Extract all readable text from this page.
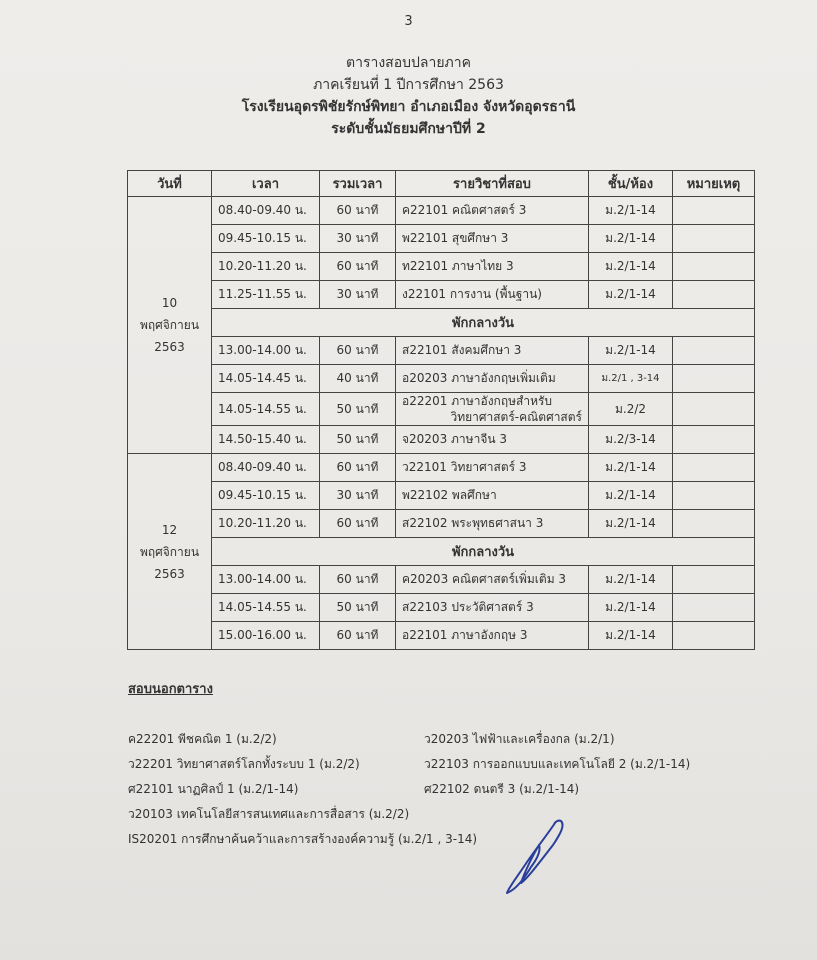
3
ตารางสอบปลายภาค
ภาคเรียนที่ 1 ปีการศึกษา 2563
โรงเรียนอุดรพิชัยรักษ์พิทยา อำเภอเมือง จังหวัดอุดรธานี
ระดับชั้นมัธยมศึกษาปีที่ 2
วันที่	เวลา	รวมเวลา	รายวิชาที่สอบ	ชั้น/ห้อง	หมายเหตุ
10
พฤศจิกายน
2563	08.40-09.40 น.	60 นาที	ค22101 คณิตศาสตร์ 3	ม.2/1-14	
	09.45-10.15 น.	30 นาที	พ22101 สุขศึกษา 3	ม.2/1-14	
	10.20-11.20 น.	60 นาที	ท22101 ภาษาไทย 3	ม.2/1-14	
	11.25-11.55 น.	30 นาที	ง22101 การงาน (พื้นฐาน)	ม.2/1-14	
	พักกลางวัน				
	13.00-14.00 น.	60 นาที	ส22101 สังคมศึกษา 3	ม.2/1-14	
	14.05-14.45 น.	40 นาที	อ20203 ภาษาอังกฤษเพิ่มเติม	ม.2/1 , 3-14	
	14.05-14.55 น.	50 นาที	อ22201 ภาษาอังกฤษสำหรับ
วิทยาศาสตร์-คณิตศาสตร์	ม.2/2	
	14.50-15.40 น.	50 นาที	จ20203 ภาษาจีน 3	ม.2/3-14	
12
พฤศจิกายน
2563	08.40-09.40 น.	60 นาที	ว22101 วิทยาศาสตร์ 3	ม.2/1-14	
	09.45-10.15 น.	30 นาที	พ22102 พลศึกษา	ม.2/1-14	
	10.20-11.20 น.	60 นาที	ส22102 พระพุทธศาสนา 3	ม.2/1-14	
	พักกลางวัน				
	13.00-14.00 น.	60 นาที	ค20203 คณิตศาสตร์เพิ่มเติม 3	ม.2/1-14	
	14.05-14.55 น.	50 นาที	ส22103 ประวัติศาสตร์ 3	ม.2/1-14	
	15.00-16.00 น.	60 นาที	อ22101 ภาษาอังกฤษ 3	ม.2/1-14	
สอบนอกตาราง
ค22201 พีชคณิต 1 (ม.2/2)	ว20203 ไฟฟ้าและเครื่องกล (ม.2/1)
ว22201 วิทยาศาสตร์โลกทั้งระบบ 1 (ม.2/2)	ว22103 การออกแบบและเทคโนโลยี 2 (ม.2/1-14)
ศ22101 นาฏศิลป์ 1 (ม.2/1-14)	ศ22102 ดนตรี 3 (ม.2/1-14)
ว20103 เทคโนโลยีสารสนเทศและการสื่อสาร (ม.2/2)
IS20201 การศึกษาค้นคว้าและการสร้างองค์ความรู้ (ม.2/1 , 3-14)
